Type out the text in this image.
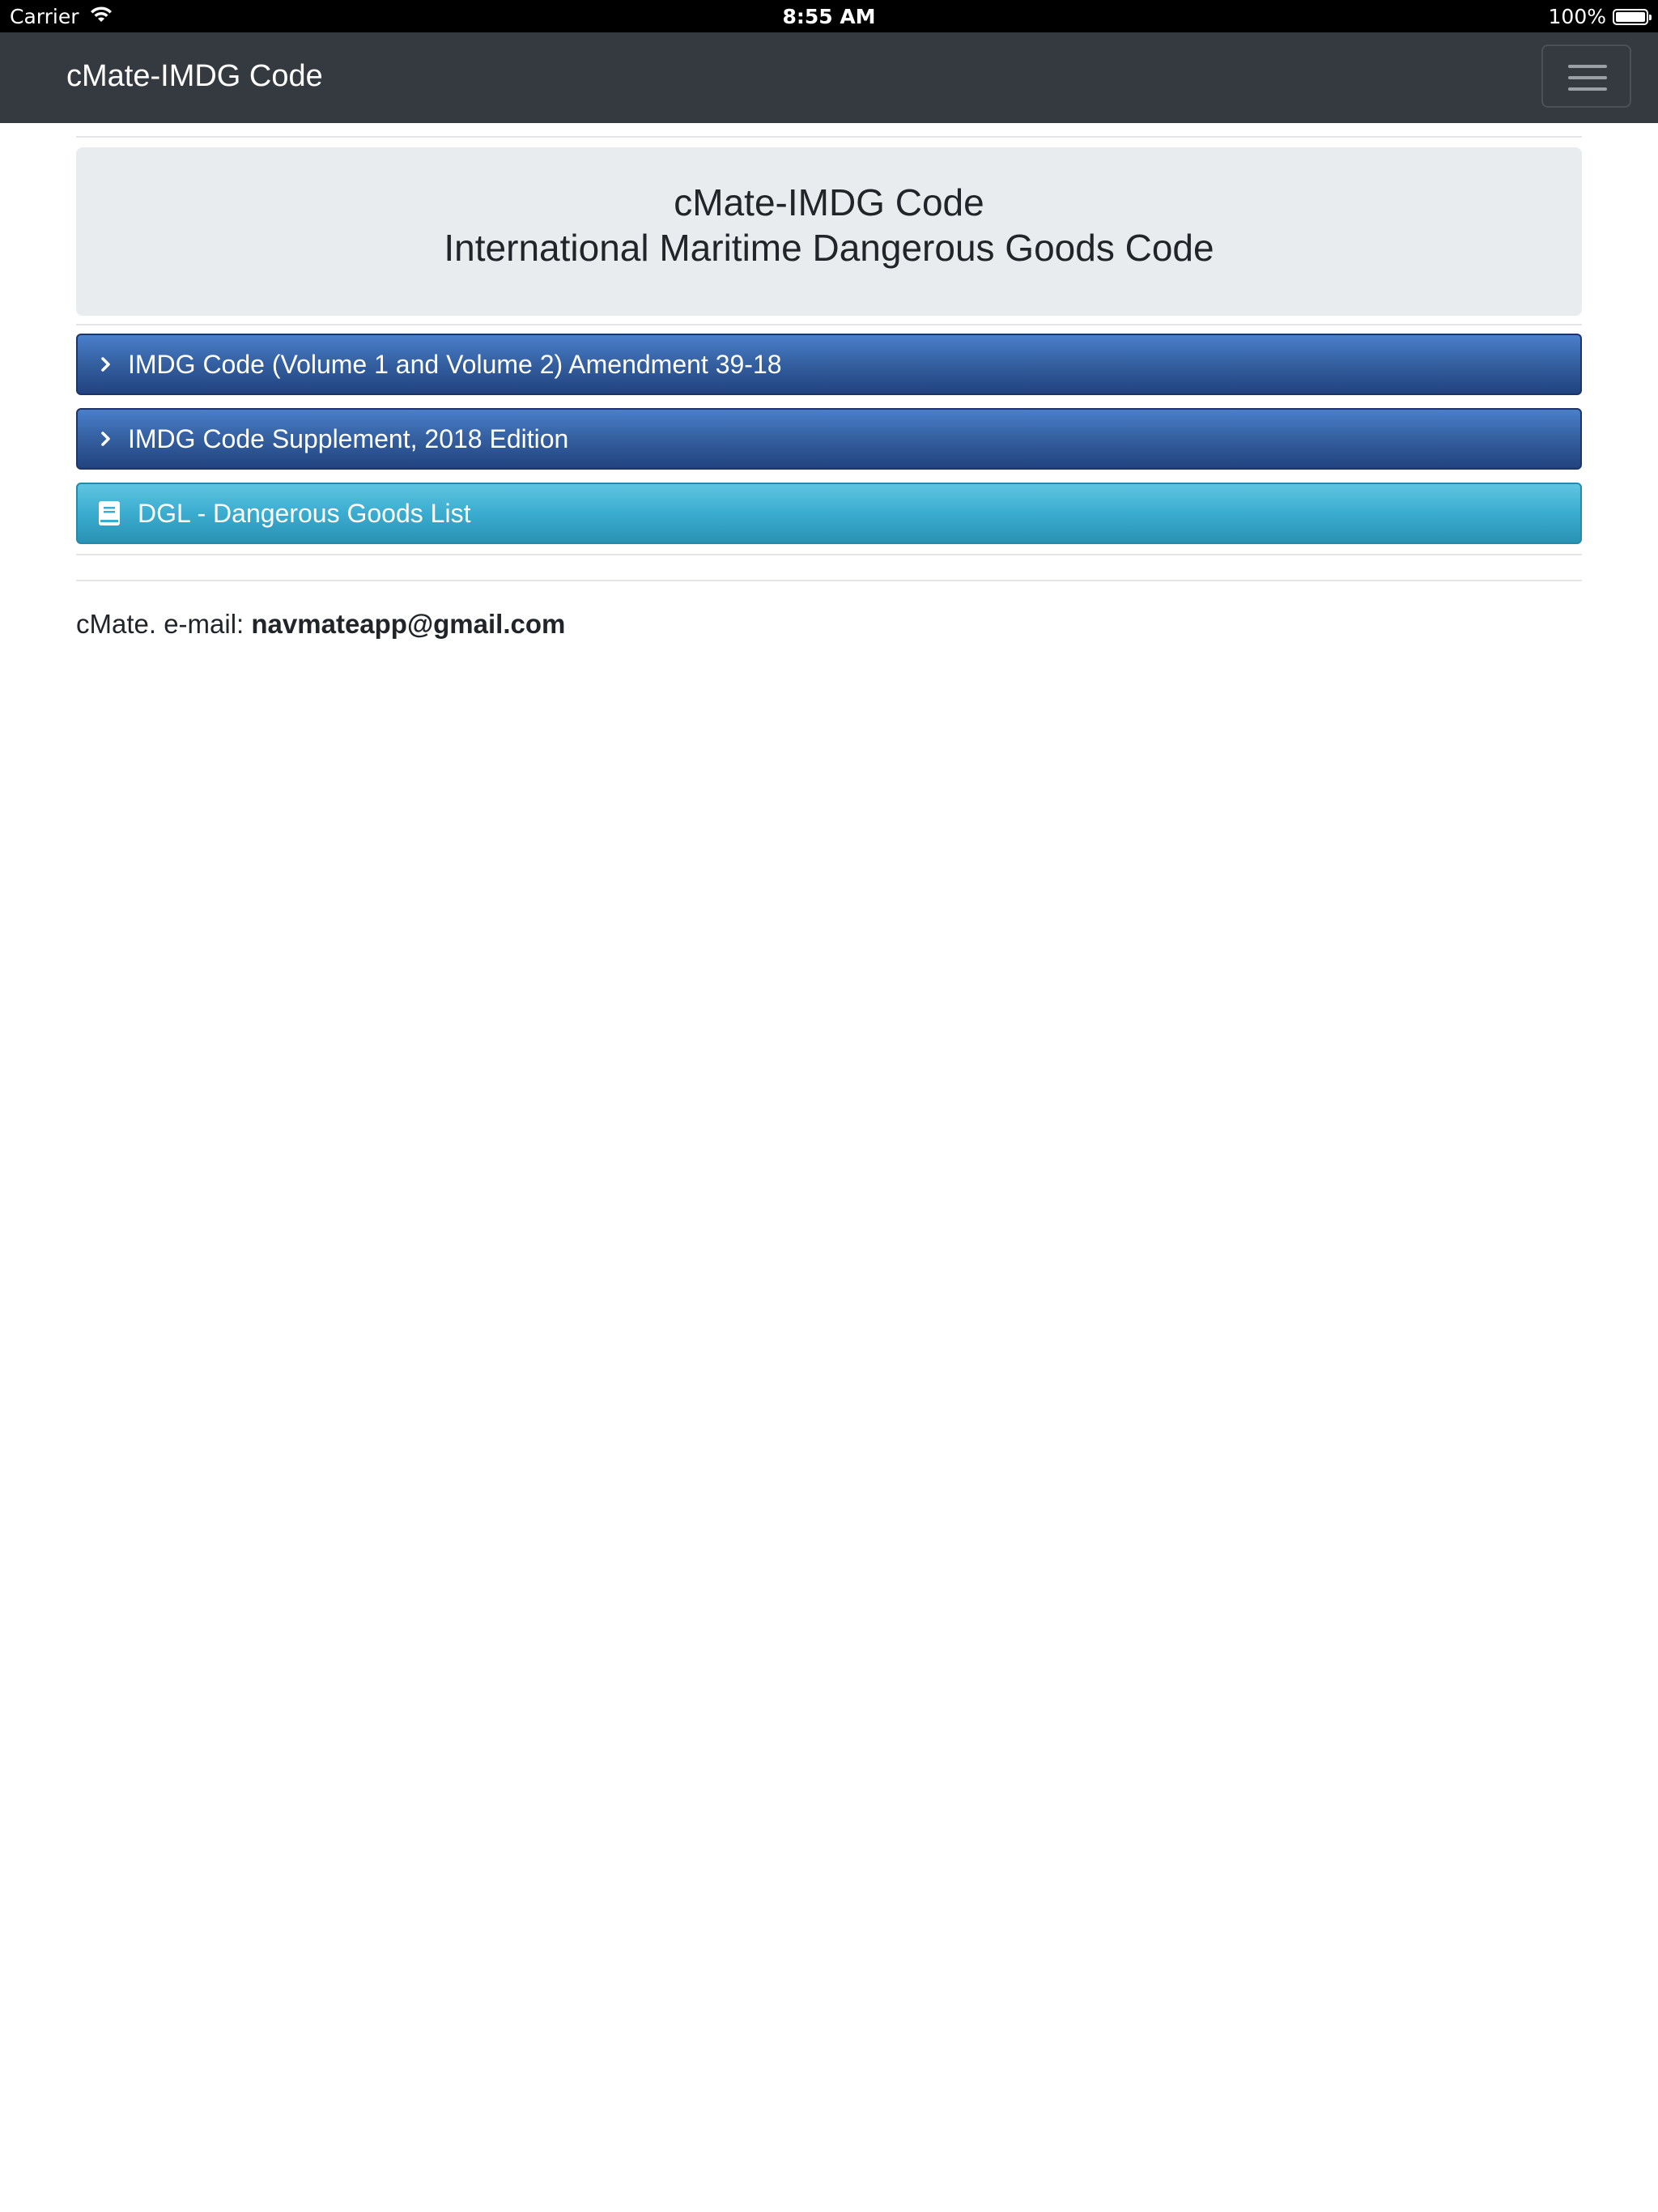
Carrier	8:55 AM	100%
cMate-IMDG Code
cMate-IMDG Code
International Maritime Dangerous Goods Code
IMDG Code (Volume 1 and Volume 2) Amendment 39-18
IMDG Code Supplement, 2018 Edition
DGL - Dangerous Goods List
cMate. e-mail: navmateapp@gmail.com
